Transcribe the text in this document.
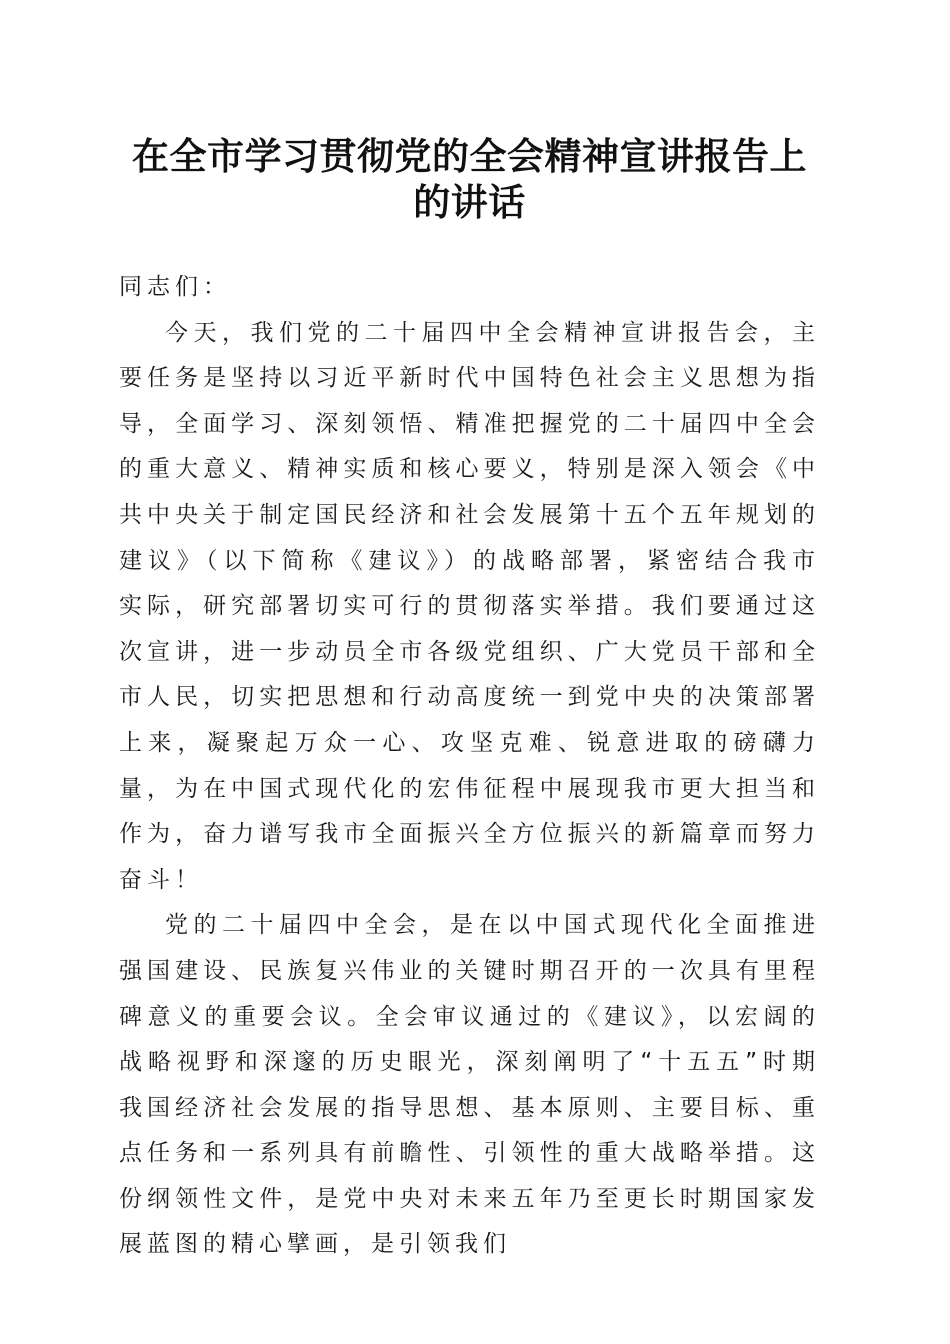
在全市学习贯彻党的全会精神宣讲报告上的讲话

同志们：

今天，我们党的二十届四中全会精神宣讲报告会，主要任务是坚持以习近平新时代中国特色社会主义思想为指导，全面学习、深刻领悟、精准把握党的二十届四中全会的重大意义、精神实质和核心要义，特别是深入领会《中共中央关于制定国民经济和社会发展第十五个五年规划的建议》（以下简称《建议》）的战略部署，紧密结合我市实际，研究部署切实可行的贯彻落实举措。我们要通过这次宣讲，进一步动员全市各级党组织、广大党员干部和全市人民，切实把思想和行动高度统一到党中央的决策部署上来，凝聚起万众一心、攻坚克难、锐意进取的磅礴力量，为在中国式现代化的宏伟征程中展现我市更大担当和作为，奋力谱写我市全面振兴全方位振兴的新篇章而努力奋斗！

党的二十届四中全会，是在以中国式现代化全面推进强国建设、民族复兴伟业的关键时期召开的一次具有里程碑意义的重要会议。全会审议通过的《建议》，以宏阔的战略视野和深邃的历史眼光，深刻阐明了“十五五”时期我国经济社会发展的指导思想、基本原则、主要目标、重点任务和一系列具有前瞻性、引领性的重大战略举措。这份纲领性文件，是党中央对未来五年乃至更长时期国家发展蓝图的精心擘画，是引领我们
